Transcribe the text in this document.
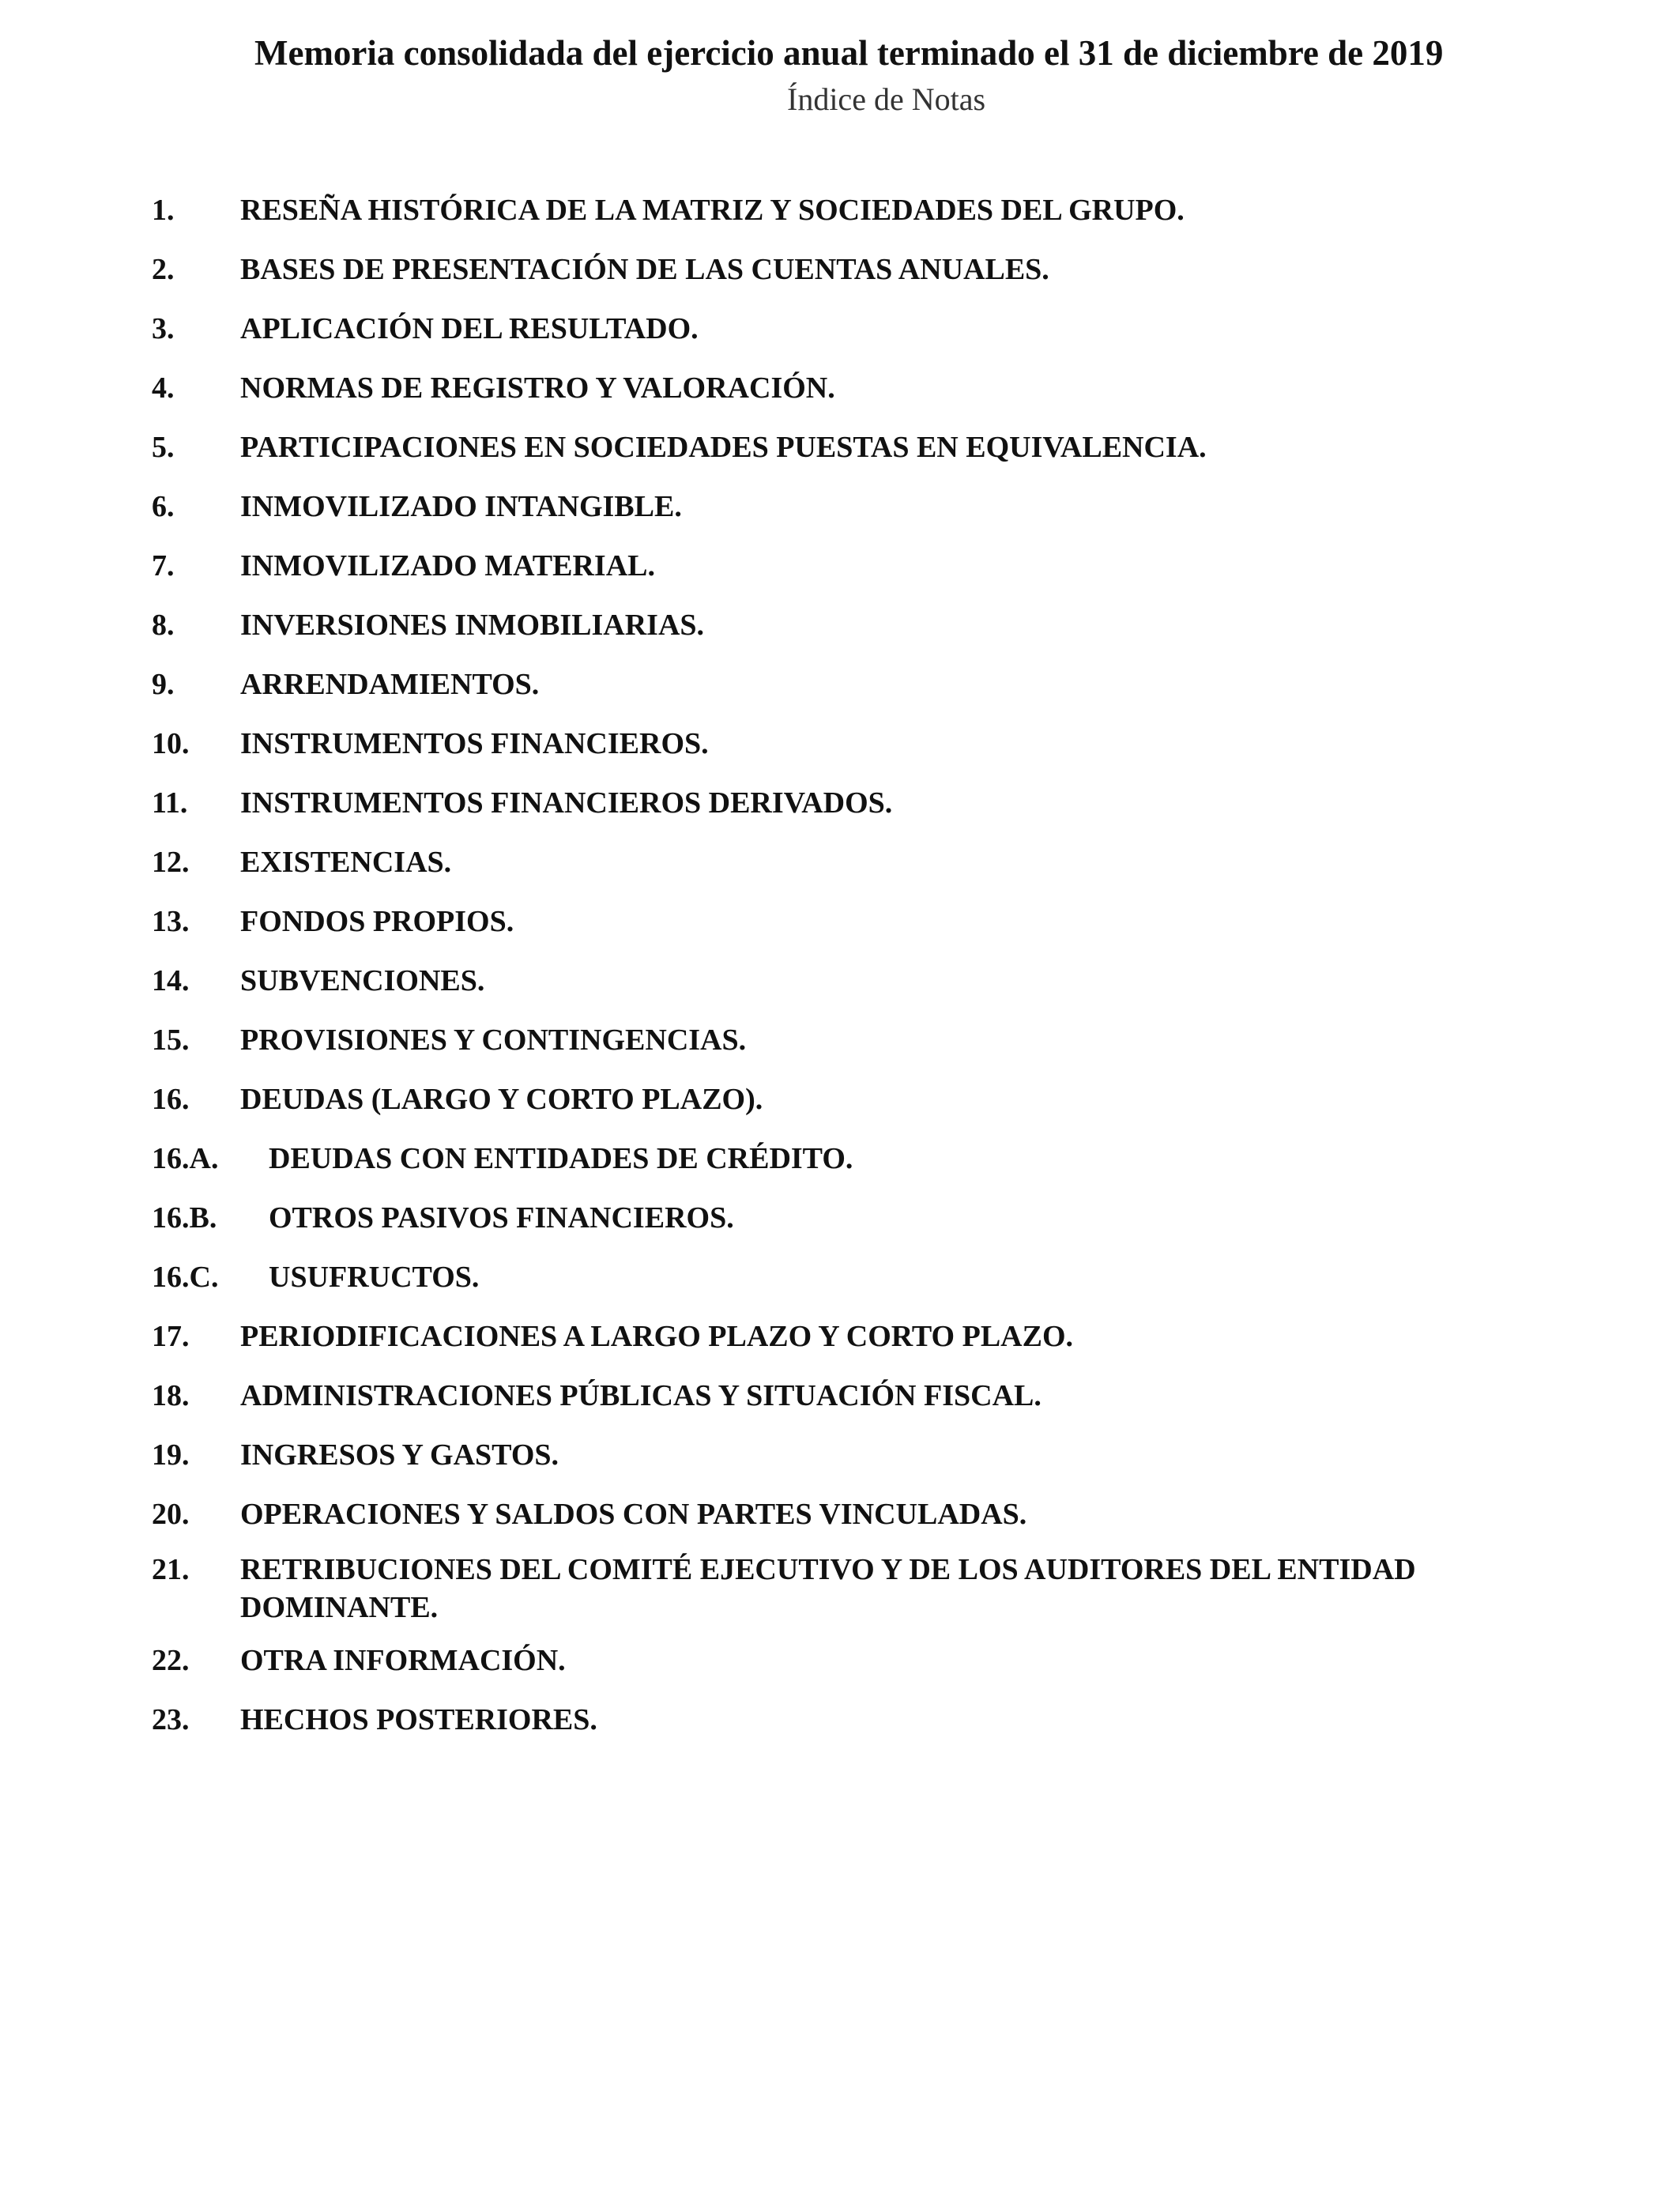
Memoria consolidada del ejercicio anual terminado el 31 de diciembre de 2019
Índice de Notas
1. RESEÑA HISTÓRICA DE LA MATRIZ Y SOCIEDADES DEL GRUPO.
2. BASES DE PRESENTACIÓN DE LAS CUENTAS ANUALES.
3. APLICACIÓN DEL RESULTADO.
4. NORMAS DE REGISTRO Y VALORACIÓN.
5. PARTICIPACIONES EN SOCIEDADES PUESTAS EN EQUIVALENCIA.
6. INMOVILIZADO INTANGIBLE.
7. INMOVILIZADO MATERIAL.
8. INVERSIONES INMOBILIARIAS.
9. ARRENDAMIENTOS.
10. INSTRUMENTOS FINANCIEROS.
11. INSTRUMENTOS FINANCIEROS DERIVADOS.
12. EXISTENCIAS.
13. FONDOS PROPIOS.
14. SUBVENCIONES.
15. PROVISIONES Y CONTINGENCIAS.
16. DEUDAS (LARGO Y CORTO PLAZO).
16.A. DEUDAS CON ENTIDADES DE CRÉDITO.
16.B. OTROS PASIVOS FINANCIEROS.
16.C. USUFRUCTOS.
17. PERIODIFICACIONES A LARGO PLAZO Y CORTO PLAZO.
18. ADMINISTRACIONES PÚBLICAS Y SITUACIÓN FISCAL.
19. INGRESOS Y GASTOS.
20. OPERACIONES Y SALDOS CON PARTES VINCULADAS.
21. RETRIBUCIONES DEL COMITÉ EJECUTIVO Y DE LOS AUDITORES DEL ENTIDAD DOMINANTE.
22. OTRA INFORMACIÓN.
23. HECHOS POSTERIORES.
